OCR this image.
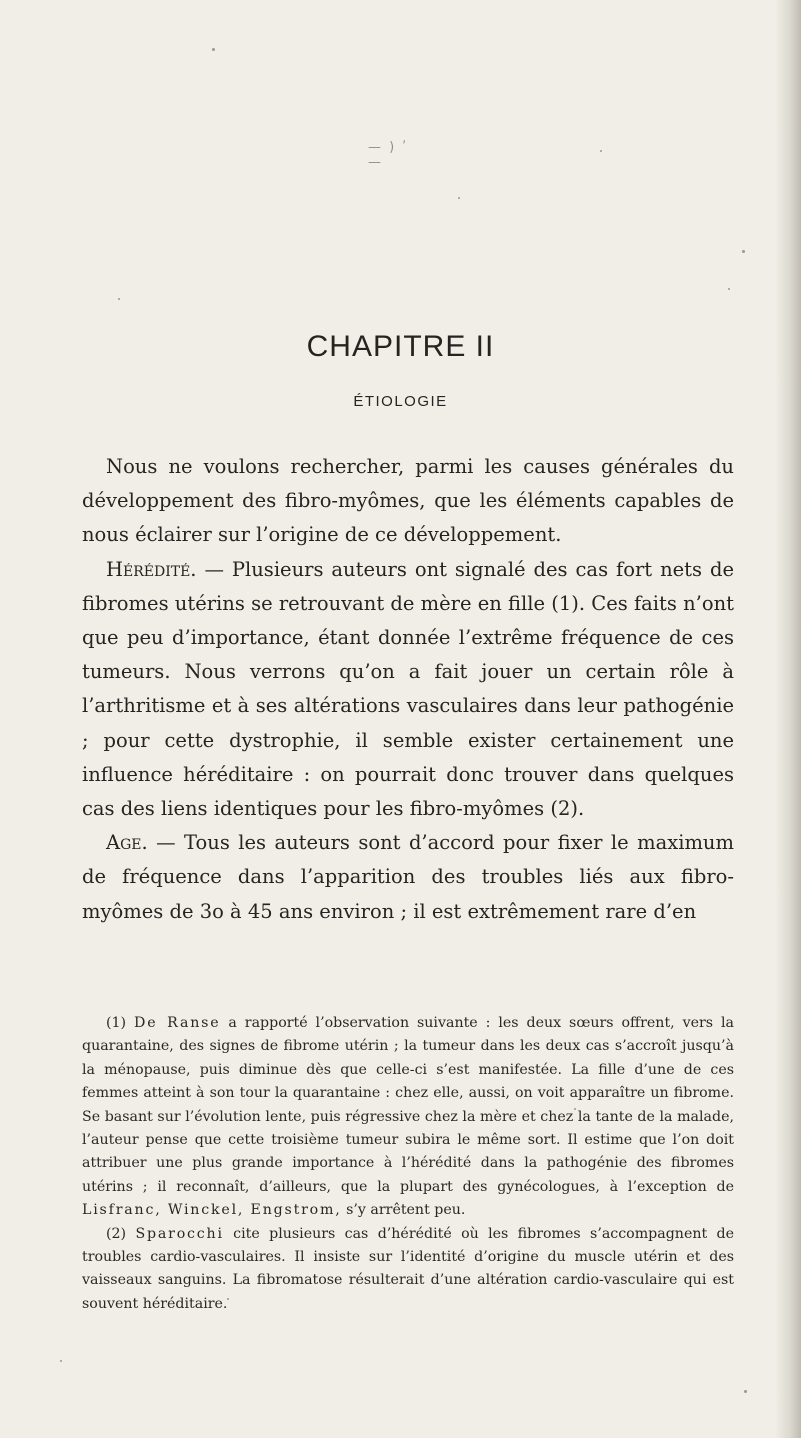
— ) ʹ —
CHAPITRE II
ÉTIOLOGIE

Nous ne voulons rechercher, parmi les causes générales du développement des fibro-myômes, que les éléments capables de nous éclairer sur l’origine de ce développement.

Hérédité. — Plusieurs auteurs ont signalé des cas fort nets de fibromes utérins se retrouvant de mère en fille (1). Ces faits n’ont que peu d’importance, étant donnée l’extrême fréquence de ces tumeurs. Nous verrons qu’on a fait jouer un certain rôle à l’arthritisme et à ses altérations vasculaires dans leur pathogénie ; pour cette dystrophie, il semble exister certainement une influence héréditaire : on pourrait donc trouver dans quelques cas des liens identiques pour les fibro-myômes (2).

Age. — Tous les auteurs sont d’accord pour fixer le maximum de fréquence dans l’apparition des troubles liés aux fibro-myômes de 3o à 45 ans environ ; il est extrêmement rare d’en

(1) De Ranse a rapporté l’observation suivante : les deux sœurs offrent, vers la quarantaine, des signes de fibrome utérin ; la tumeur dans les deux cas s’accroît jusqu’à la ménopause, puis diminue dès que celle-ci s’est manifestée. La fille d’une de ces femmes atteint à son tour la quarantaine : chez elle, aussi, on voit apparaître un fibrome. Se basant sur l’évolution lente, puis régressive chez la mère et chez la tante de la malade, l’auteur pense que cette troisième tumeur subira le même sort. Il estime que l’on doit attribuer une plus grande importance à l’hérédité dans la pathogénie des fibromes utérins ; il reconnaît, d’ailleurs, que la plupart des gynécologues, à l’exception de Lisfranc, Winckel, Engstrom, s’y arrêtent peu.

(2) Sparocchi cite plusieurs cas d’hérédité où les fibromes s’accompagnent de troubles cardio-vasculaires. Il insiste sur l’identité d’origine du muscle utérin et des vaisseaux sanguins. La fibromatose résulterait d’une altération cardio-vasculaire qui est souvent héréditaire.
